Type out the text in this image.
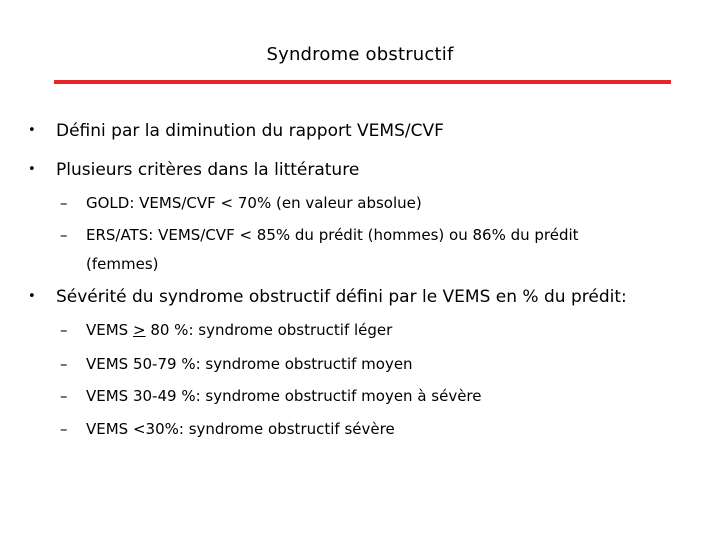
Syndrome obstructif
• Défini par la diminution du rapport VEMS/CVF
• Plusieurs critères dans la littérature
– GOLD: VEMS/CVF < 70% (en valeur absolue)
– ERS/ATS: VEMS/CVF < 85% du prédit (hommes) ou 86% du prédit
(femmes)
• Sévérité du syndrome obstructif défini par le VEMS en % du prédit:
– VEMS ≥ 80 %: syndrome obstructif léger
– VEMS 50-79 %: syndrome obstructif moyen
– VEMS 30-49 %: syndrome obstructif moyen à sévère
– VEMS <30%: syndrome obstructif sévère
